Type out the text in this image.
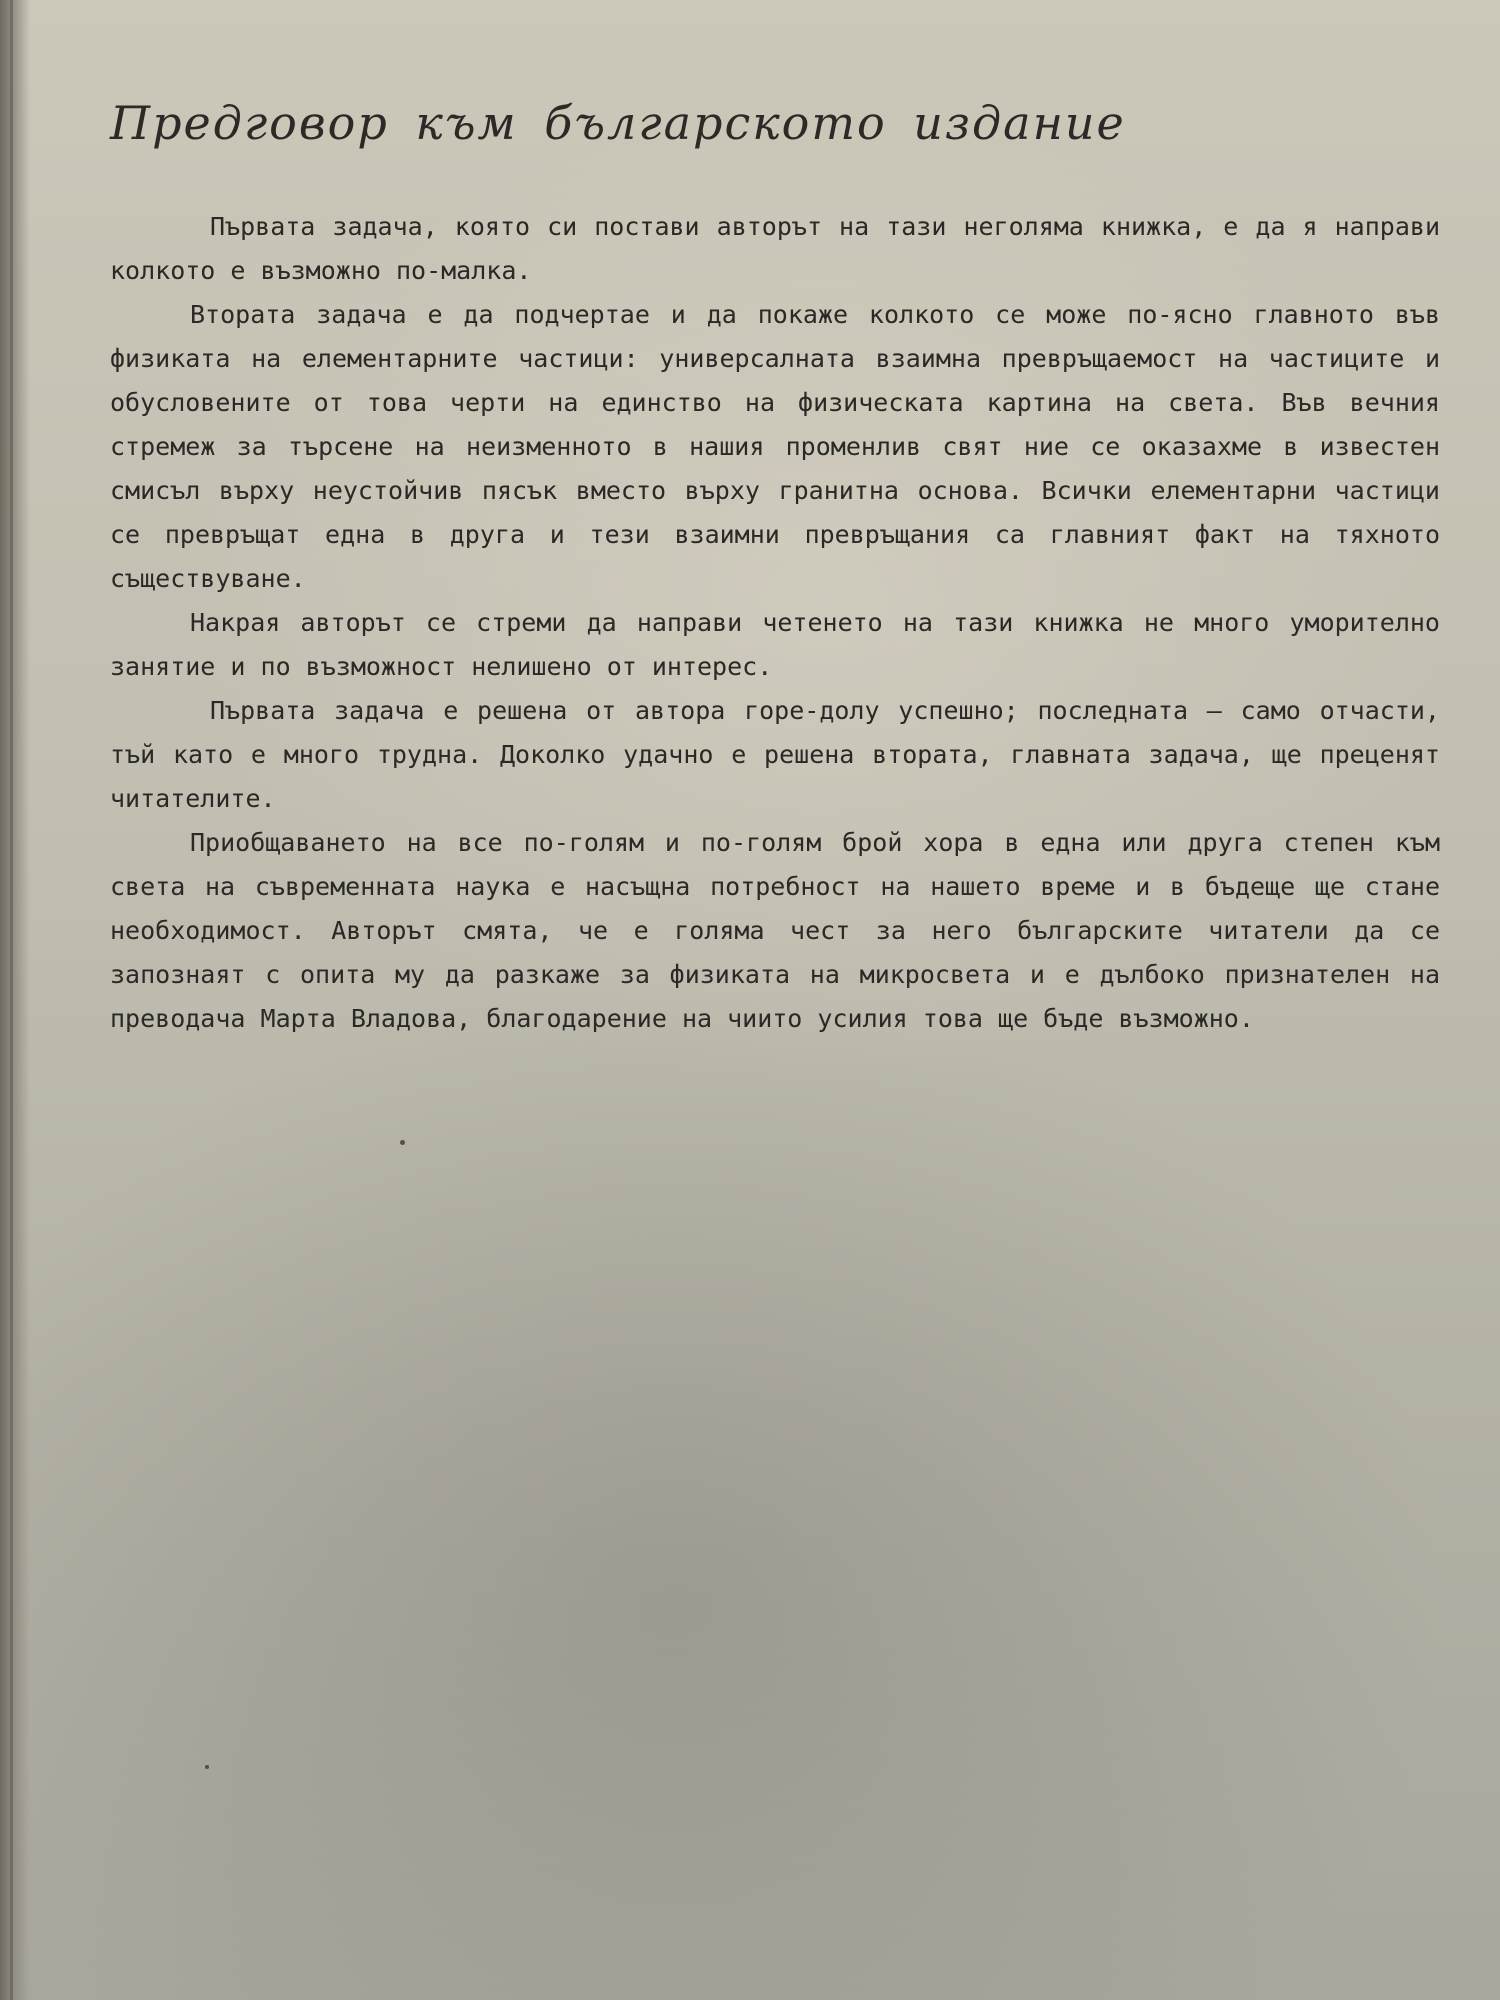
Предговор към българското издание

Първата задача, която си постави авторът на тази неголяма книжка, е да я направи колкото е възможно по-малка.

Втората задача е да подчертае и да покаже колкото се може по-ясно главното във физиката на елементарните частици: универсалната взаимна превръщаемост на частиците и обусловените от това черти на единство на физическата картина на света. Във вечния стремеж за търсене на неизменното в нашия променлив свят ние се оказахме в известен смисъл върху неустойчив пясък вместо върху гранитна основа. Всички елементарни частици се превръщат една в друга и тези взаимни превръщания са главният факт на тяхното съществуване.

Накрая авторът се стреми да направи четенето на тази книжка не много уморително занятие и по възможност нелишено от интерес.

Първата задача е решена от автора горе-долу успешно; последната — само отчасти, тъй като е много трудна. Доколко удачно е решена втората, главната задача, ще преценят читателите.

Приобщаването на все по-голям и по-голям брой хора в една или друга степен към света на съвременната наука е насъщна потребност на нашето време и в бъдеще ще стане необходимост. Авторът смята, че е голяма чест за него българските читатели да се запознаят с опита му да разкаже за физиката на микросвета и е дълбоко признателен на преводача Марта Владова, благодарение на чиито усилия това ще бъде възможно.
